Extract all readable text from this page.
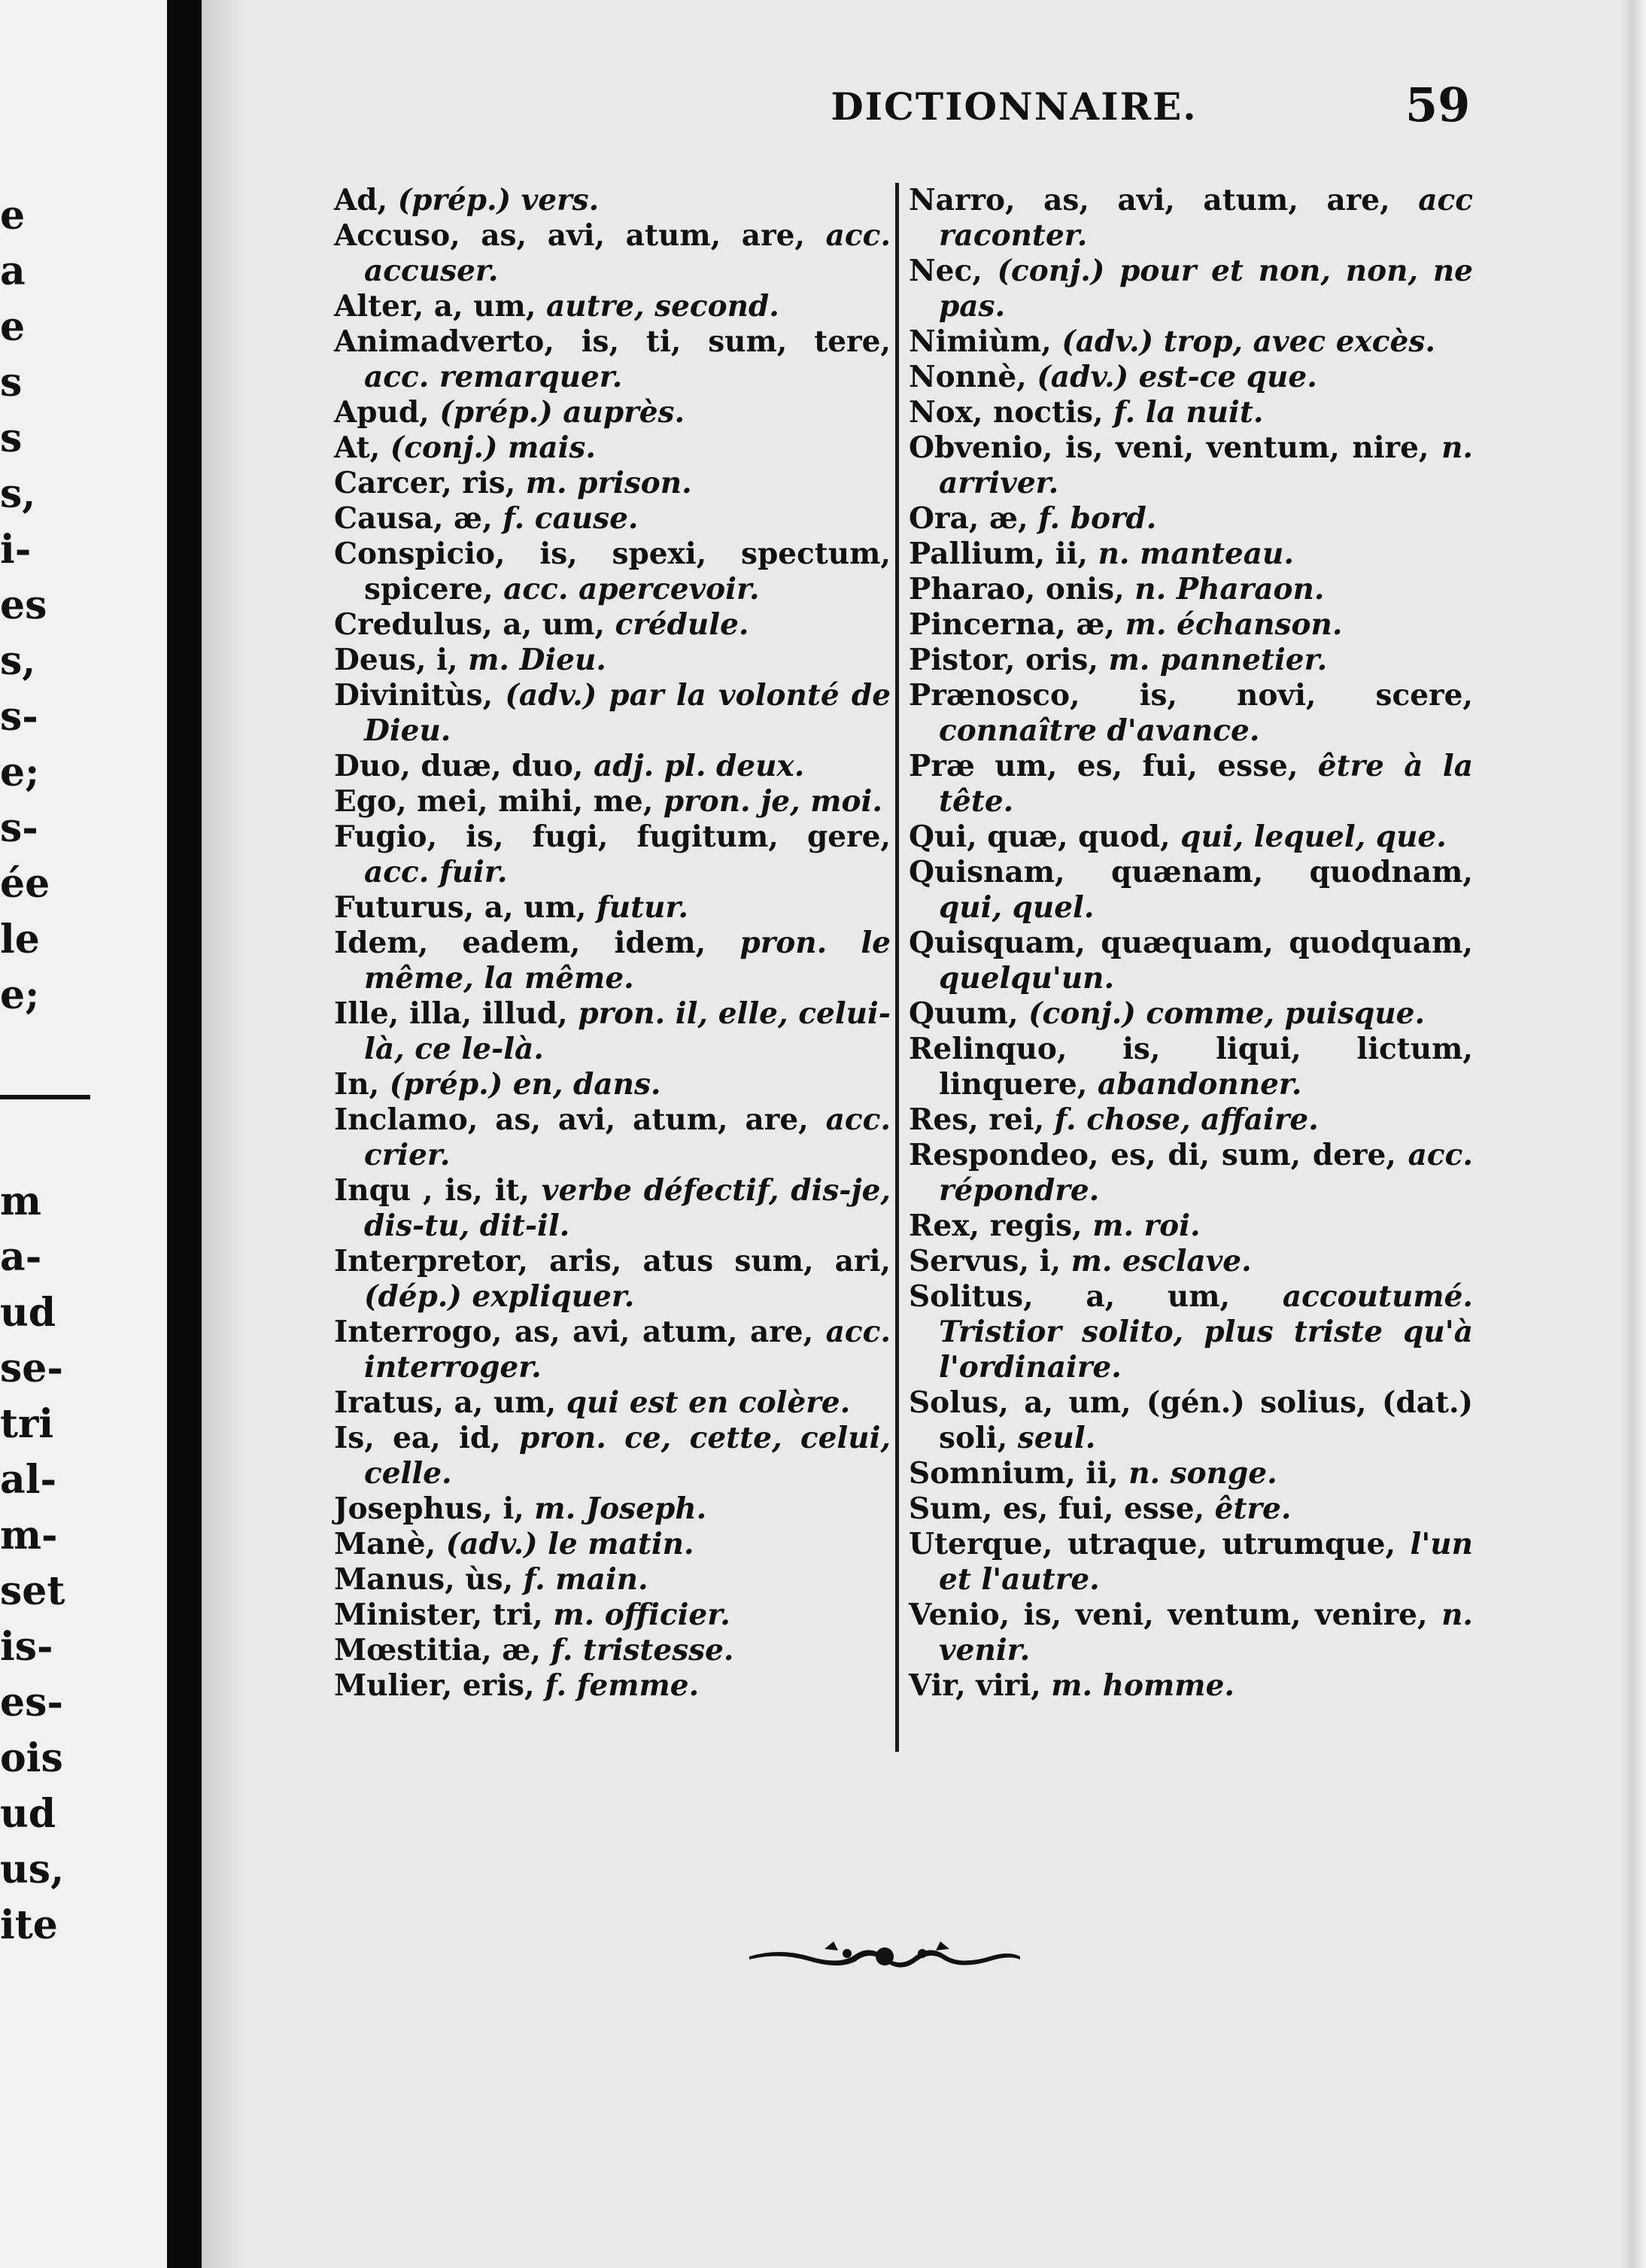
e
a
e
s
s
s,
i-
es
s,
s-
e;
s-
ée
le
e;
m
a-
ud
se-
tri
al-
m-
set
is-
es-
ois
ud
us,
ite
DICTIONNAIRE.	59
Ad, (prép.) vers.
Accuso, as, avi, atum, are, acc. accuser.
Alter, a, um, autre, second.
Animadverto, is, ti, sum, tere, acc. remarquer.
Apud, (prép.) auprès.
At, (conj.) mais.
Carcer, ris, m. prison.
Causa, æ, f. cause.
Conspicio, is, spexi, spectum, spicere, acc. apercevoir.
Credulus, a, um, crédule.
Deus, i, m. Dieu.
Divinitùs, (adv.) par la volonté de Dieu.
Duo, duæ, duo, adj. pl. deux.
Ego, mei, mihi, me, pron. je, moi.
Fugio, is, fugi, fugitum, gere, acc. fuir.
Futurus, a, um, futur.
Idem, eadem, idem, pron. le même, la même.
Ille, illa, illud, pron. il, elle, celui-là, ce le-là.
In, (prép.) en, dans.
Inclamo, as, avi, atum, are, acc. crier.
Inqu , is, it, verbe défectif, dis-je, dis-tu, dit-il.
Interpretor, aris, atus sum, ari, (dép.) expliquer.
Interrogo, as, avi, atum, are, acc. interroger.
Iratus, a, um, qui est en colère.
Is, ea, id, pron. ce, cette, celui, celle.
Josephus, i, m. Joseph.
Manè, (adv.) le matin.
Manus, ùs, f. main.
Minister, tri, m. officier.
Mœstitia, æ, f. tristesse.
Mulier, eris, f. femme.
Narro, as, avi, atum, are, acc raconter.
Nec, (conj.) pour et non, non, ne pas.
Nimiùm, (adv.) trop, avec excès.
Nonnè, (adv.) est-ce que.
Nox, noctis, f. la nuit.
Obvenio, is, veni, ventum, nire, n. arriver.
Ora, æ, f. bord.
Pallium, ii, n. manteau.
Pharao, onis, n. Pharaon.
Pincerna, æ, m. échanson.
Pistor, oris, m. pannetier.
Prænosco, is, novi, scere, connaître d'avance.
Præ um, es, fui, esse, être à la tête.
Qui, quæ, quod, qui, lequel, que.
Quisnam, quænam, quodnam, qui, quel.
Quisquam, quæquam, quodquam, quelqu'un.
Quum, (conj.) comme, puisque.
Relinquo, is, liqui, lictum, linquere, abandonner.
Res, rei, f. chose, affaire.
Respondeo, es, di, sum, dere, acc. répondre.
Rex, regis, m. roi.
Servus, i, m. esclave.
Solitus, a, um, accoutumé. Tristior solito, plus triste qu'à l'ordinaire.
Solus, a, um, (gén.) solius, (dat.) soli, seul.
Somnium, ii, n. songe.
Sum, es, fui, esse, être.
Uterque, utraque, utrumque, l'un et l'autre.
Venio, is, veni, ventum, venire, n. venir.
Vir, viri, m. homme.
